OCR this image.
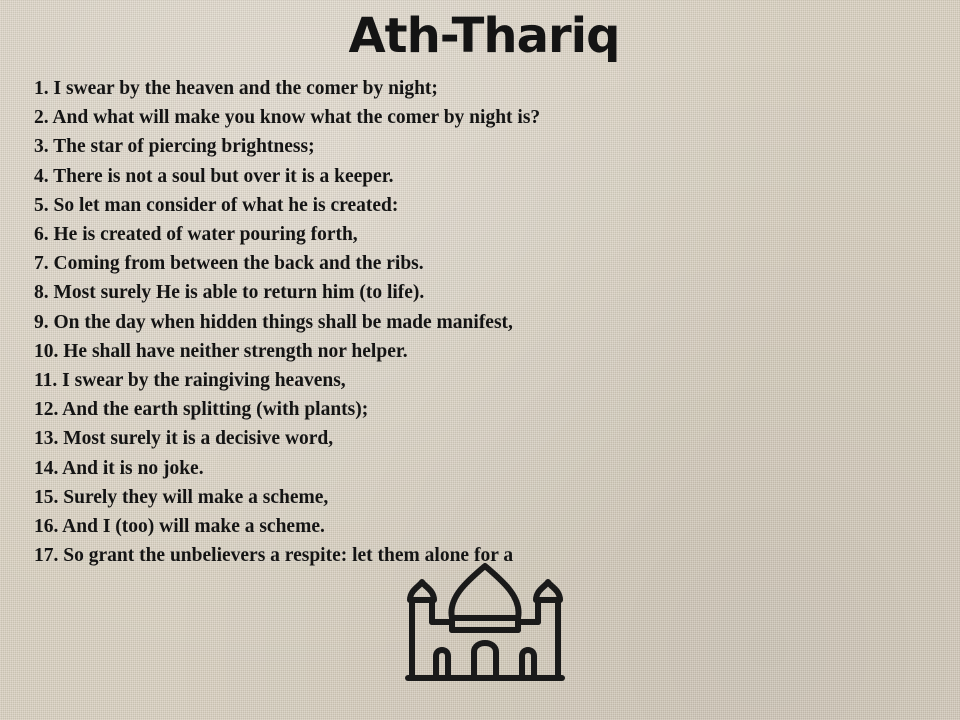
Ath-Thariq
1. I swear by the heaven and the comer by night;
2. And what will make you know what the comer by night is?
3. The star of piercing brightness;
4. There is not a soul but over it is a keeper.
5. So let man consider of what he is created:
6. He is created of water pouring forth,
7. Coming from between the back and the ribs.
8. Most surely He is able to return him (to life).
9. On the day when hidden things shall be made manifest,
10. He shall have neither strength nor helper.
11. I swear by the raingiving heavens,
12. And the earth splitting (with plants);
13. Most surely it is a decisive word,
14. And it is no joke.
15. Surely they will make a scheme,
16. And I (too) will make a scheme.
17. So grant the unbelievers a respite: let them alone for a
